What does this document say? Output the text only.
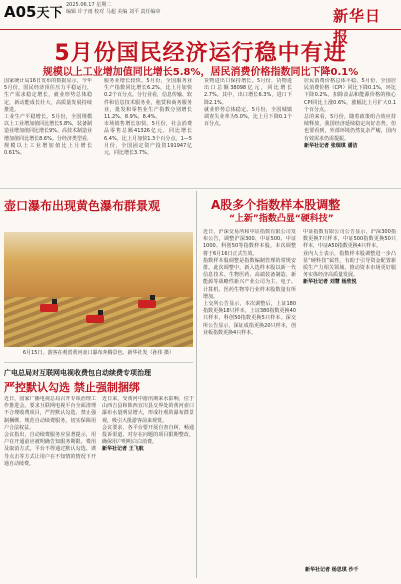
A05天下
2025.06.17 星期二
编辑 许子雨 校对 马超 美编 刘平 责任编审	新华日报
5月份国民经济运行稳中有进
规模以上工业增加值同比增长5.8%，居民消费价格指数同比下降0.1%

国家统计局16日发布的数据显示，今年5月份，国民经济顶住压力平稳运行，生产需求稳定增长，就业形势总体稳定，新动能成长壮大，高质量发展持续推进。

工业生产平稳增长。5月份，全国规模以上工业增加值同比增长5.8%，装备制造业增加值同比增长9%。高技术制造业增加值同比增长8.6%。分经济类型看，规模以上工业增加值比上月增长0.61%。

服务业增长较快。5月份，全国服务业生产指数同比增长6.2%，比上月加快0.2个百分点。分行业看，信息传输、软件和信息技术服务业，租赁和商务服务业，批发和零售业生产指数分别增长11.2%、8.9%、8.4%。

市场销售增长加快。5月份，社会消费品零售总额41326亿元，同比增长6.4%，比上月加快1.3个百分点。1—5月份，全国固定资产投资191947亿元，同比增长3.7%。

货物进出口保持增长。5月份，货物进出口总额38098亿元，同比增长2.7%。其中，出口增长6.3%，进口下降2.1%。

就业形势总体稳定。5月份，全国城镇调查失业率为5.0%，比上月下降0.1个百分点。

居民消费价格总体平稳。5月份，全国居民消费价格（CPI）同比下降0.1%，环比下降0.2%。扣除食品和能源价格的核心CPI同比上涨0.6%，涨幅比上月扩大0.1个百分点。

总的来看，5月份，随着政策组合效应持续释放，我国经济延续稳定向好态势。但也要看到，外部环境仍然复杂严峻，国内有效需求仍需提振。

新华社记者 张瑞琪 潘洁

壶口瀑布出现黄色瀑布群景观
6月15日，游客在观赏黄河壶口瀑布奔腾景色。新华社发（孙伟 摄）
广电总局对互联网电视收费包自动续费专项治理
严控默认勾选 禁止强制捆绑

近日，国家广播电视总局召开专项治理工作推进会。要求互联网电视平台全面清理不合理收费项目，严控默认勾选、禁止强制捆绑，规范自动续费服务，切实保障用户合法权益。

会议指出，自动续费服务应显著提示，用户在开通前应被明确告知服务期限、费用及取消方式。平台不得通过默认勾选、诱导点击等方式让用户在不知情的情况下开通自动续费。

近日来，受黄河中游汛期来水影响，位于山西吉县和陕西宜川县交界处的黄河壶口瀑布水量明显增大，形成壮观的瀑布群景观，吸引大批游客前来观赏。

会议要求，各平台要开展自查自纠，畅通投诉渠道，对存在问题的项目限期整改，确保用户明明白白消费。

新华社记者 王飞航

A股多个指数样本股调整
“上新”指数凸显“硬科技”

近日，沪深交易所和中证指数有限公司发布公告，调整沪深300、中证500、中证1000、科创50等指数样本股。本次调整将于6月16日正式生效。

指数样本股调整是指数编制管理的常规安排。此次调整中，新入选样本股以新一代信息技术、生物医药、高端装备制造、新能源等战略性新兴产业公司为主，电子、计算机、医药生物等行业样本股数量有所增加。

上交所公告显示，本次调整后，上证180指数更换18只样本，上证380指数更换40只样本，科创50指数更换5只样本。深交所公告显示，深证成指更换20只样本，创业板指数更换4只样本。

中证指数有限公司公告显示，沪深300指数更换7只样本，中证500指数更换50只样本，中证A50指数更换4只样本。

业内人士表示，指数样本股调整进一步凸显“硬科技”属性，有助于引导资金配置新质生产力相关领域，推动资本市场更好服务实体经济高质量发展。

新华社记者 刘慧 杨欣悦

新华社记者 杨思琪 沙千
